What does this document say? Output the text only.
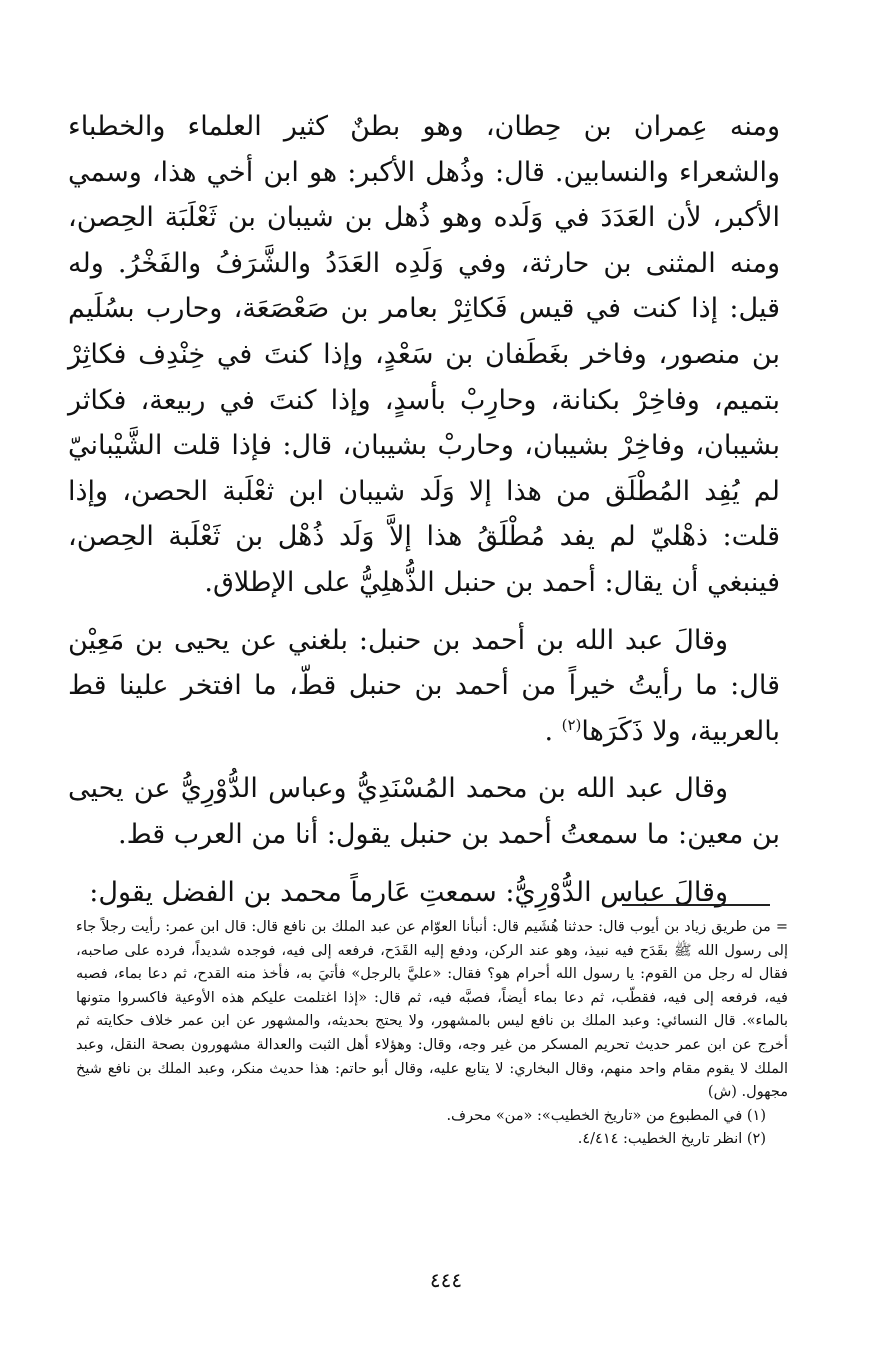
ومنه عِمران بن حِطان، وهو بطنٌ كثير العلماء والخطباء والشعراء والنسابين. قال: وذُهل الأكبر: هو ابن أخي هذا، وسمي الأكبر، لأن العَدَدَ في وَلَده وهو ذُهل بن شيبان بن ثَعْلَبَة الحِصن، ومنه المثنى بن حارثة، وفي وَلَدِه العَدَدُ والشَّرَفُ والفَخْرُ. وله قيل: إذا كنت في قيس فَكاثِرْ بعامر بن صَعْصَعَة، وحارب بسُلَيم بن منصور، وفاخر بغَطَفان بن سَعْدٍ، وإذا كنتَ في خِنْدِف فكاثِرْ بتميم، وفاخِرْ بكنانة، وحارِبْ بأسدٍ، وإذا كنتَ في ربيعة، فكاثر بشيبان، وفاخِرْ بشيبان، وحاربْ بشيبان، قال: فإذا قلت الشَّيْبانيّ لم يُفِد المُطْلَق من هذا إلا وَلَد شيبان ابن ثعْلَبة الحصن، وإذا قلت: ذهْليّ لم يفد مُطْلَقُ هذا إلاَّ وَلَد ذُهْل بن ثَعْلَبة الحِصن، فينبغي أن يقال: أحمد بن حنبل الذُّهلِيُّ على الإطلاق.

وقالَ عبد الله بن أحمد بن حنبل: بلغني عن يحيى بن مَعِيْن قال: ما رأيتُ خيراً من أحمد بن حنبل قطّ، ما افتخر علينا قط بالعربية، ولا ذَكَرَها$^{(٢)}$ .

وقال عبد الله بن محمد المُسْنَدِيُّ وعباس الدُّوْرِيُّ عن يحيى بن معين: ما سمعتُ أحمد بن حنبل يقول: أنا من العرب قط.

وقالَ عباس الدُّوْرِيُّ: سمعتِ عَارماً محمد بن الفضل يقول:

= من طريق زياد بن أيوب قال: حدثنا هُشَيم قال: أنبأنا العوّام عن عبد الملك بن نافع قال: قال ابن عمر: رأيت رجلاً جاء إلى رسول الله ﷺ بقَدَح فيه نبيذ، وهو عند الركن، ودفع إليه القَدَح، فرفعه إلى فيه، فوجده شديداً، فرده على صاحبه، فقال له رجل من القوم: يا رسول الله أحرام هو؟ فقال: «عليَّ بالرجل» فأتيَ به، فأخذ منه القدح، ثم دعا بماء، فصبه فيه، فرفعه إلى فيه، فقطّب، ثم دعا بماء أيضاً، فصبَّه فيه، ثم قال: «إذا اغتلمت عليكم هذه الأوعية فاكسروا متونها بالماء». قال النسائي: وعبد الملك بن نافع ليس بالمشهور، ولا يحتج بحديثه، والمشهور عن ابن عمر خلاف حكايته ثم أخرج عن ابن عمر حديث تحريم المسكر من غير وجه، وقال: وهؤلاء أهل الثبت والعدالة مشهورون بصحة النقل، وعبد الملك لا يقوم مقام واحد منهم، وقال البخاري: لا يتابع عليه، وقال أبو حاتم: هذا حديث منكر، وعبد الملك بن نافع شيخ مجهول. (ش)

(١) في المطبوع من «تاريخ الخطيب»: «من» محرف.

(٢) انظر تاريخ الخطيب: ٤/٤١٤.

٤٤٤
